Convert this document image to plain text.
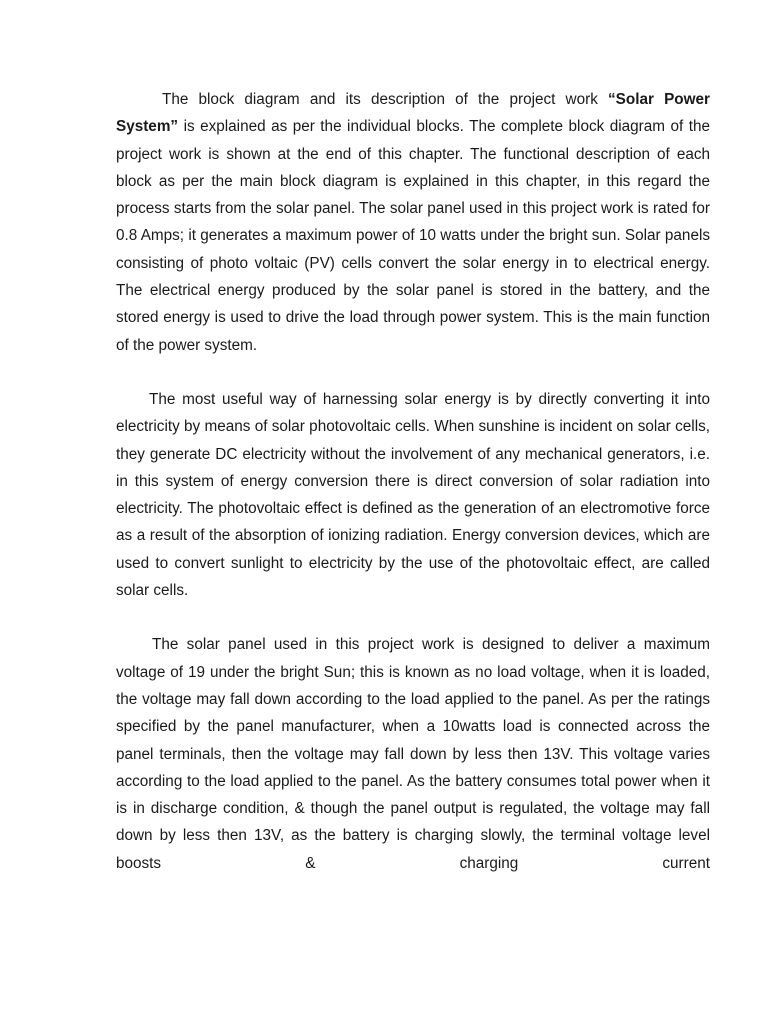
The block diagram and its description of the project work “Solar Power System” is explained as per the individual blocks. The complete block diagram of the project work is shown at the end of this chapter. The functional description of each block as per the main block diagram is explained in this chapter, in this regard the process starts from the solar panel. The solar panel used in this project work is rated for 0.8 Amps; it generates a maximum power of 10 watts under the bright sun. Solar panels consisting of photo voltaic (PV) cells convert the solar energy in to electrical energy. The electrical energy produced by the solar panel is stored in the battery, and the stored energy is used to drive the load through power system. This is the main function of the power system.

The most useful way of harnessing solar energy is by directly converting it into electricity by means of solar photovoltaic cells. When sunshine is incident on solar cells, they generate DC electricity without the involvement of any mechanical generators, i.e. in this system of energy conversion there is direct conversion of solar radiation into electricity. The photovoltaic effect is defined as the generation of an electromotive force as a result of the absorption of ionizing radiation. Energy conversion devices, which are used to convert sunlight to electricity by the use of the photovoltaic effect, are called solar cells.

The solar panel used in this project work is designed to deliver a maximum voltage of 19 under the bright Sun; this is known as no load voltage, when it is loaded, the voltage may fall down according to the load applied to the panel. As per the ratings specified by the panel manufacturer, when a 10watts load is connected across the panel terminals, then the voltage may fall down by less then 13V. This voltage varies according to the load applied to the panel. As the battery consumes total power when it is in discharge condition, & though the panel output is regulated, the voltage may fall down by less then 13V, as the battery is charging slowly, the terminal voltage level boosts & charging current
